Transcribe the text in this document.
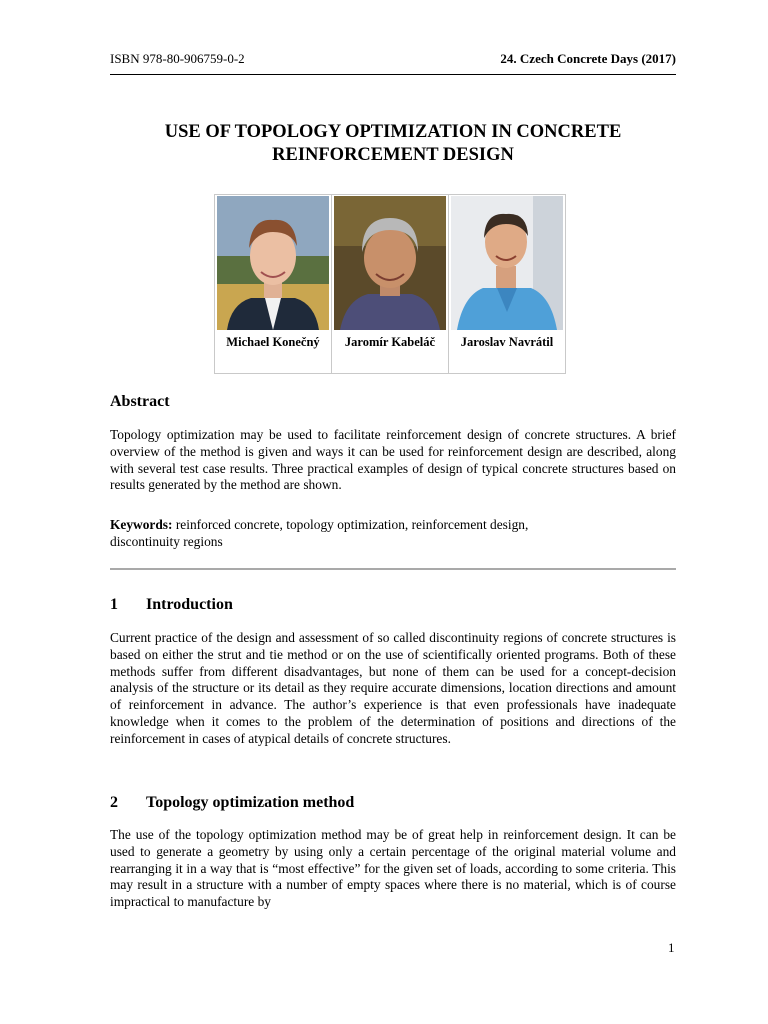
ISBN 978-80-906759-0-2	24. Czech Concrete Days (2017)
USE OF TOPOLOGY OPTIMIZATION IN CONCRETE
REINFORCEMENT DESIGN
Michael Konečný	Jaromír Kabeláč	Jaroslav Navrátil
Abstract
Topology optimization may be used to facilitate reinforcement design of concrete structures. A brief overview of the method is given and ways it can be used for reinforcement design are described, along with several test case results. Three practical examples of design of typical concrete structures based on results generated by the method are shown.
Keywords: reinforced concrete, topology optimization, reinforcement design,
discontinuity regions
1 Introduction
Current practice of the design and assessment of so called discontinuity regions of concrete structures is based on either the strut and tie method or on the use of scientifically oriented programs. Both of these methods suffer from different disadvantages, but none of them can be used for a concept-decision analysis of the structure or its detail as they require accurate dimensions, location directions and amount of reinforcement in advance. The author’s experience is that even professionals have inadequate knowledge when it comes to the problem of the determination of positions and directions of the reinforcement in cases of atypical details of concrete structures.
2 Topology optimization method
The use of the topology optimization method may be of great help in reinforcement design. It can be used to generate a geometry by using only a certain percentage of the original material volume and rearranging it in a way that is “most effective” for the given set of loads, according to some criteria. This may result in a structure with a number of empty spaces where there is no material, which is of course impractical to manufacture by
1
